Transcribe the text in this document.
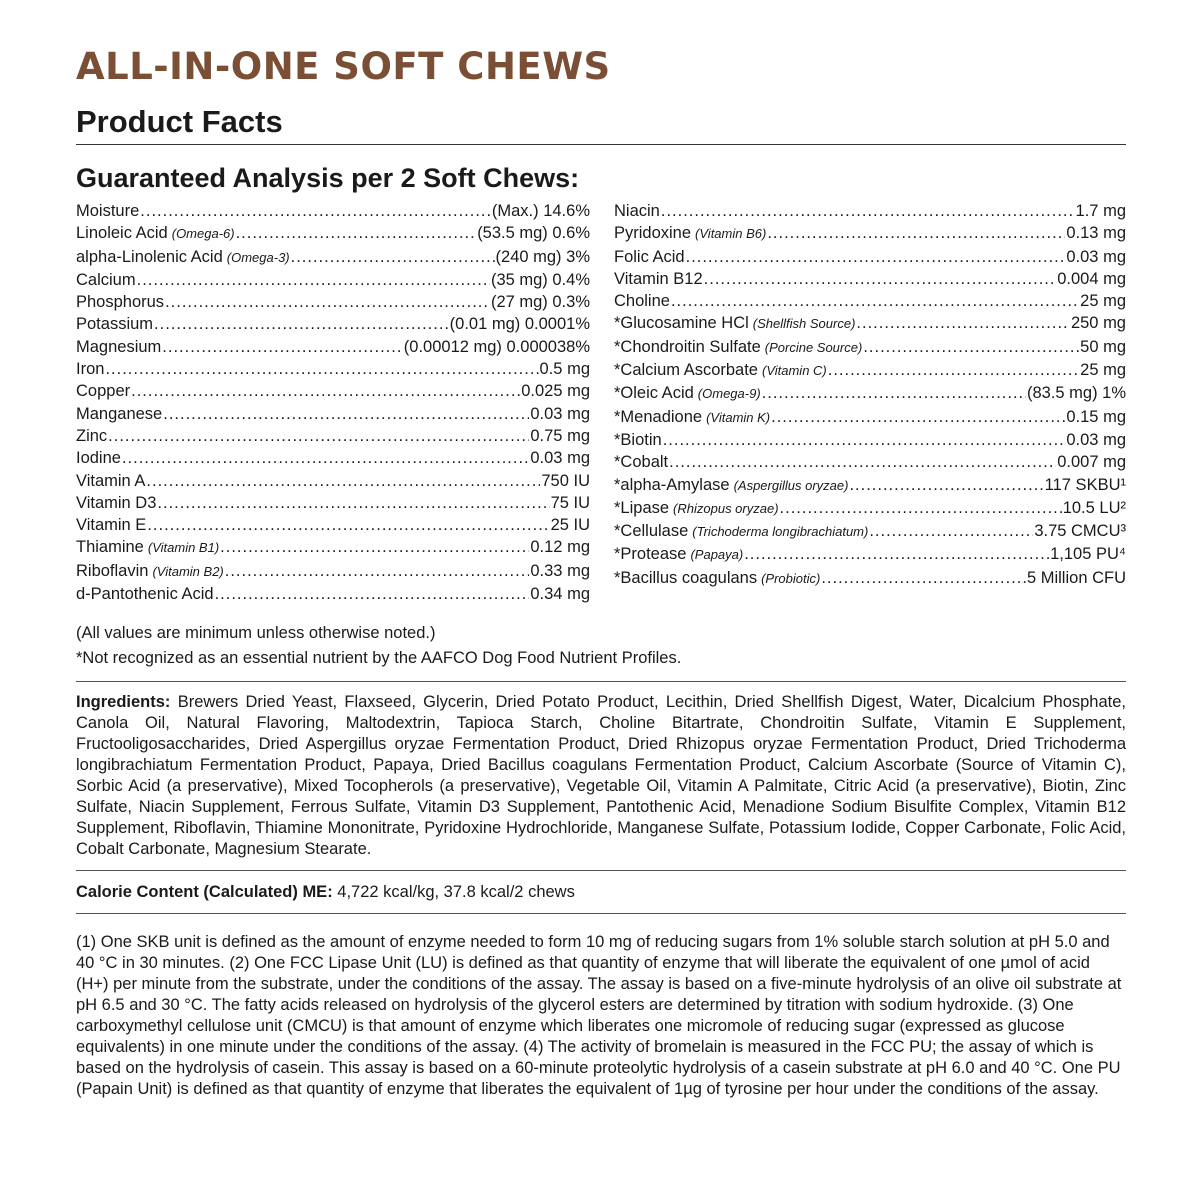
ALL-IN-ONE SOFT CHEWS
Product Facts
Guaranteed Analysis per 2 Soft Chews:
Moisture .....	(Max.) 14.6%
Linoleic Acid (Omega-6) .....	(53.5 mg) 0.6%
alpha-Linolenic Acid (Omega-3) .....	(240 mg) 3%
Calcium .....	(35 mg) 0.4%
Phosphorus .....	(27 mg) 0.3%
Potassium .....	(0.01 mg) 0.0001%
Magnesium .....	(0.00012 mg) 0.000038%
Iron .....	0.5 mg
Copper .....	0.025 mg
Manganese .....	0.03 mg
Zinc .....	0.75 mg
Iodine .....	0.03 mg
Vitamin A .....	750 IU
Vitamin D3 .....	75 IU
Vitamin E .....	25 IU
Thiamine (Vitamin B1) .....	0.12 mg
Riboflavin (Vitamin B2) .....	0.33 mg
d-Pantothenic Acid .....	0.34 mg
Niacin .....	1.7 mg
Pyridoxine (Vitamin B6) .....	0.13 mg
Folic Acid .....	0.03 mg
Vitamin B12 .....	0.004 mg
Choline .....	25 mg
*Glucosamine HCl (Shellfish Source) .....	250 mg
*Chondroitin Sulfate (Porcine Source) .....	50 mg
*Calcium Ascorbate (Vitamin C) .....	25 mg
*Oleic Acid (Omega-9) .....	(83.5 mg) 1%
*Menadione (Vitamin K) .....	0.15 mg
*Biotin .....	0.03 mg
*Cobalt .....	0.007 mg
*alpha-Amylase (Aspergillus oryzae) .....	117 SKBU¹
*Lipase (Rhizopus oryzae) .....	10.5 LU²
*Cellulase (Trichoderma longibrachiatum) .....	3.75 CMCU³
*Protease (Papaya) .....	1,105 PU⁴
*Bacillus coagulans (Probiotic) .....	5 Million CFU
(All values are minimum unless otherwise noted.)
*Not recognized as an essential nutrient by the AAFCO Dog Food Nutrient Profiles.
Ingredients: Brewers Dried Yeast, Flaxseed, Glycerin, Dried Potato Product, Lecithin, Dried Shellfish Digest, Water, Dicalcium Phosphate, Canola Oil, Natural Flavoring, Maltodextrin, Tapioca Starch, Choline Bitartrate, Chondroitin Sulfate, Vitamin E Supplement, Fructooligosaccharides, Dried Aspergillus oryzae Fermentation Product, Dried Rhizopus oryzae Fermentation Product, Dried Trichoderma longibrachiatum Fermentation Product, Papaya, Dried Bacillus coagulans Fermentation Product, Calcium Ascorbate (Source of Vitamin C), Sorbic Acid (a preservative), Mixed Tocopherols (a preservative), Vegetable Oil, Vitamin A Palmitate, Citric Acid (a preservative), Biotin, Zinc Sulfate, Niacin Supplement, Ferrous Sulfate, Vitamin D3 Supplement, Pantothenic Acid, Menadione Sodium Bisulfite Complex, Vitamin B12 Supplement, Riboflavin, Thiamine Mononitrate, Pyridoxine Hydrochloride, Manganese Sulfate, Potassium Iodide, Copper Carbonate, Folic Acid, Cobalt Carbonate, Magnesium Stearate.
Calorie Content (Calculated) ME: 4,722 kcal/kg, 37.8 kcal/2 chews
(1) One SKB unit is defined as the amount of enzyme needed to form 10 mg of reducing sugars from 1% soluble starch solution at pH 5.0 and 40 °C in 30 minutes. (2) One FCC Lipase Unit (LU) is defined as that quantity of enzyme that will liberate the equivalent of one µmol of acid (H+) per minute from the substrate, under the conditions of the assay. The assay is based on a five-minute hydrolysis of an olive oil substrate at pH 6.5 and 30 °C. The fatty acids released on hydrolysis of the glycerol esters are determined by titration with sodium hydroxide. (3) One carboxymethyl cellulose unit (CMCU) is that amount of enzyme which liberates one micromole of reducing sugar (expressed as glucose equivalents) in one minute under the conditions of the assay. (4) The activity of bromelain is measured in the FCC PU; the assay of which is based on the hydrolysis of casein. This assay is based on a 60-minute proteolytic hydrolysis of a casein substrate at pH 6.0 and 40 °C. One PU (Papain Unit) is defined as that quantity of enzyme that liberates the equivalent of 1µg of tyrosine per hour under the conditions of the assay.
